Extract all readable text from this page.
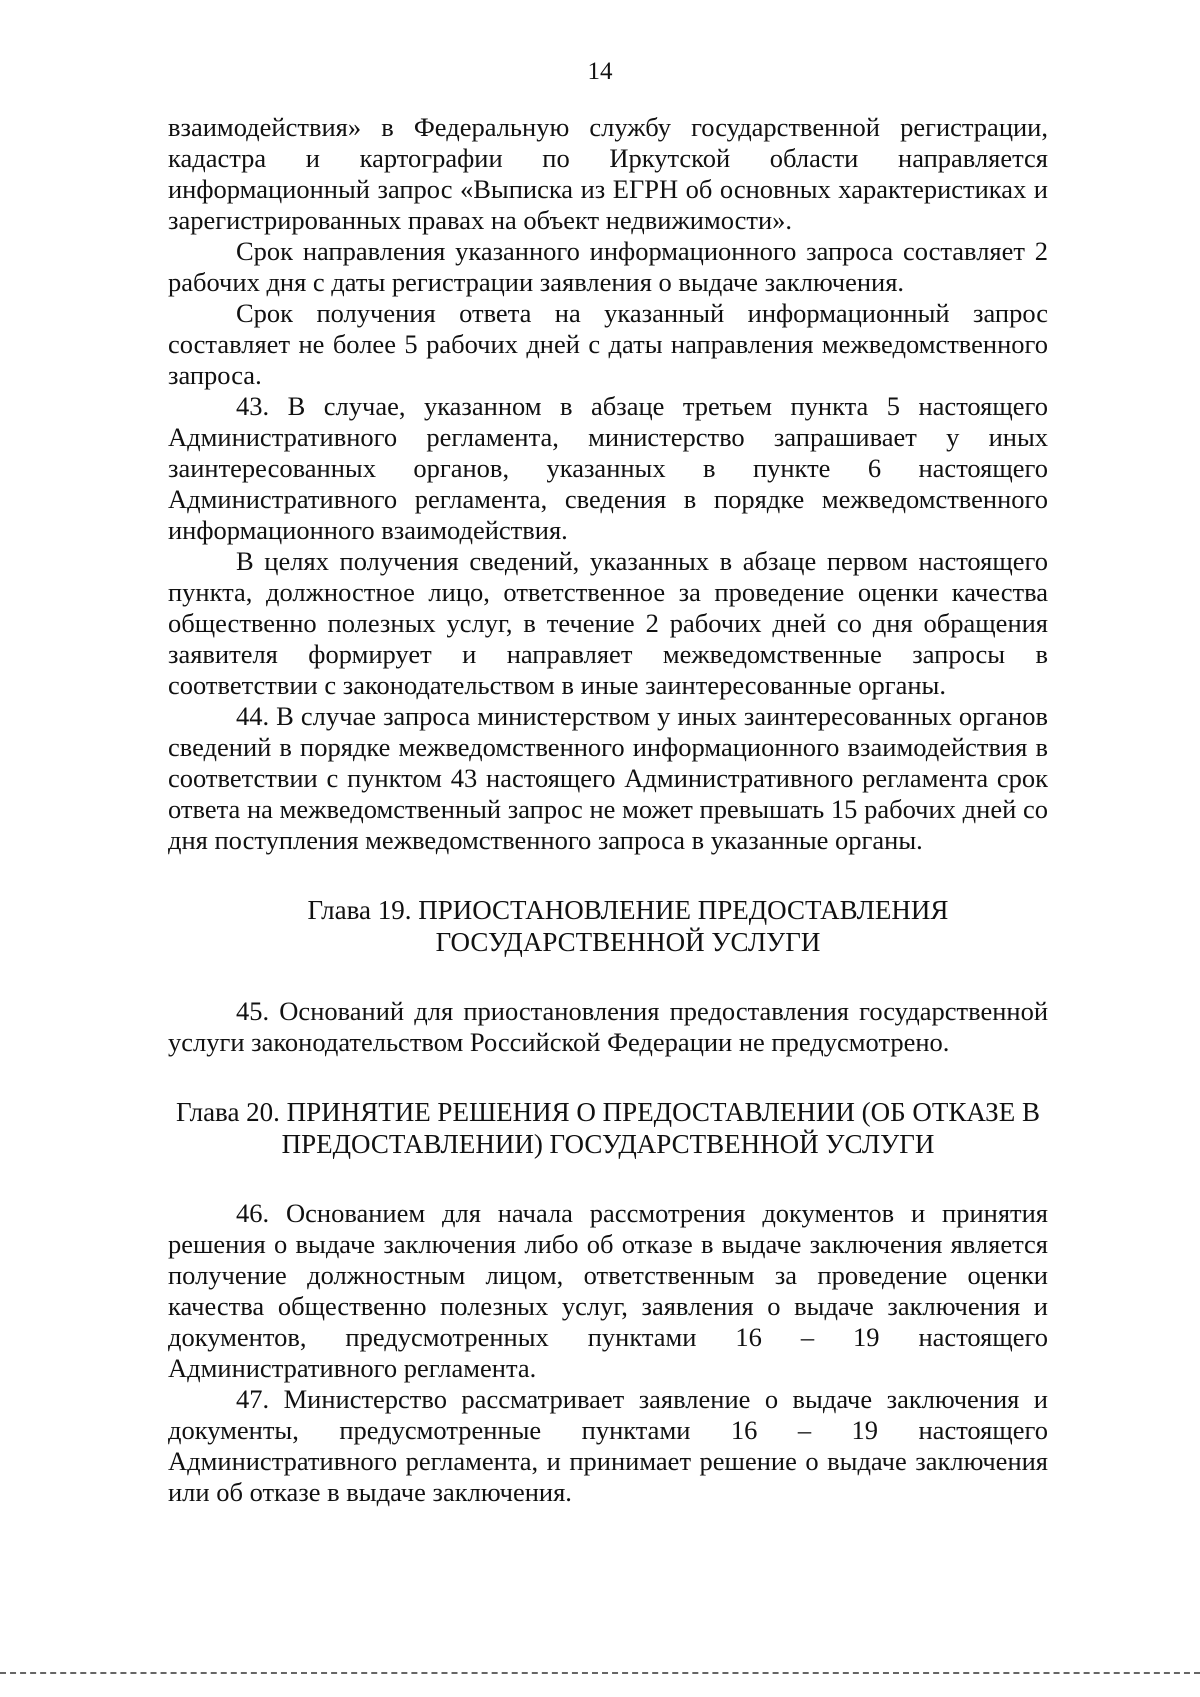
14

взаимодействия» в Федеральную службу государственной регистрации, кадастра и картографии по Иркутской области направляется информационный запрос «Выписка из ЕГРН об основных характеристиках и зарегистрированных правах на объект недвижимости».

Срок направления указанного информационного запроса составляет 2 рабочих дня с даты регистрации заявления о выдаче заключения.

Срок получения ответа на указанный информационный запрос составляет не более 5 рабочих дней с даты направления межведомственного запроса.

43. В случае, указанном в абзаце третьем пункта 5 настоящего Административного регламента, министерство запрашивает у иных заинтересованных органов, указанных в пункте 6 настоящего Административного регламента, сведения в порядке межведомственного информационного взаимодействия.

В целях получения сведений, указанных в абзаце первом настоящего пункта, должностное лицо, ответственное за проведение оценки качества общественно полезных услуг, в течение 2 рабочих дней со дня обращения заявителя формирует и направляет межведомственные запросы в соответствии с законодательством в иные заинтересованные органы.

44. В случае запроса министерством у иных заинтересованных органов сведений в порядке межведомственного информационного взаимодействия в соответствии с пунктом 43 настоящего Административного регламента срок ответа на межведомственный запрос не может превышать 15 рабочих дней со дня поступления межведомственного запроса в указанные органы.

Глава 19. ПРИОСТАНОВЛЕНИЕ ПРЕДОСТАВЛЕНИЯ
ГОСУДАРСТВЕННОЙ УСЛУГИ

45. Оснований для приостановления предоставления государственной услуги законодательством Российской Федерации не предусмотрено.

Глава 20. ПРИНЯТИЕ РЕШЕНИЯ О ПРЕДОСТАВЛЕНИИ (ОБ ОТКАЗЕ В
ПРЕДОСТАВЛЕНИИ) ГОСУДАРСТВЕННОЙ УСЛУГИ

46. Основанием для начала рассмотрения документов и принятия решения о выдаче заключения либо об отказе в выдаче заключения является получение должностным лицом, ответственным за проведение оценки качества общественно полезных услуг, заявления о выдаче заключения и документов, предусмотренных пунктами 16 – 19 настоящего Административного регламента.

47. Министерство рассматривает заявление о выдаче заключения и документы, предусмотренные пунктами 16 – 19 настоящего Административного регламента, и принимает решение о выдаче заключения или об отказе в выдаче заключения.
